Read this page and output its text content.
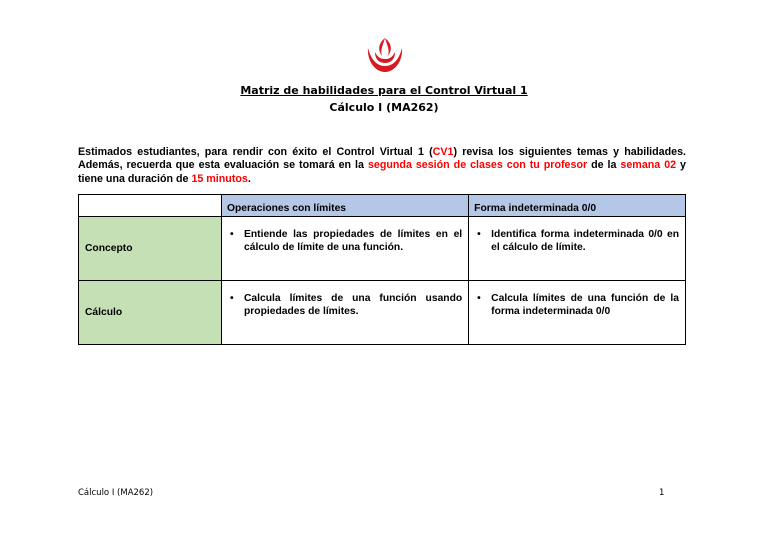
Matriz de habilidades para el Control Virtual 1
Cálculo I (MA262)
Estimados estudiantes, para rendir con éxito el Control Virtual 1 (CV1) revisa los siguientes temas y habilidades. Además, recuerda que esta evaluación se tomará en la segunda sesión de clases con tu profesor de la semana 02 y tiene una duración de 15 minutos.
	Operaciones con límites	Forma indeterminada 0/0
Concepto	• Entiende las propiedades de límites en el cálculo de límite de una función.	• Identifica forma indeterminada 0/0 en el cálculo de límite.

Cálculo	• Calcula límites de una función usando propiedades de límites.	• Calcula límites de una función de la forma indeterminada 0/0
Cálculo I (MA262)	1
